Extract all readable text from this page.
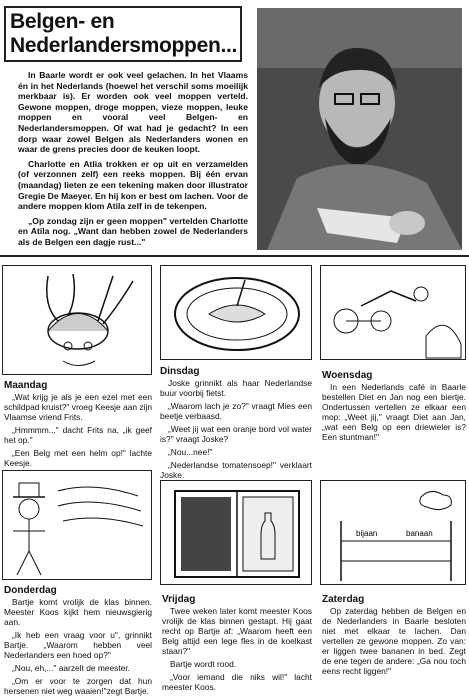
Belgen- en Nederlandersmoppen...

In Baarle wordt er ook veel gelachen. In het Vlaams én in het Nederlands (hoewel het verschil soms moeilijk merkbaar is). Er worden ook veel moppen verteld. Gewone moppen, droge moppen, vieze moppen, leuke moppen en vooral veel Belgen- en Nederlandersmoppen. Of wat had je gedacht? In een dorp waar zowel Belgen als Nederlanders wonen en waar de grens precies door de keuken loopt.

Charlotte en Atlia trokken er op uit en verzamelden (of verzonnen zelf) een reeks moppen. Bij één ervan (maandag) lieten ze een tekening maken door illustrator Gregie De Maeyer. En hij kon er best om lachen. Voor de andere moppen klom Atila zelf in de tekenpen.

„Op zondag zijn er geen moppen" vertelden Charlotte en Atila nog. „Want dan hebben zowel de Nederlanders als de Belgen een dagje rust..."

Maandag

„Wat krijg je als je een ezel met een schildpad kruist?" vroeg Keesje aan zijn Vlaamse vriend Frits.

„Hmmmm..." dacht Frits na, „ik geef het op."

„Een Belg met een helm op!" lachte Keesje.

Dinsdag

Joske grinnikt als haar Nederlandse buur voorbij fietst.

„Waarom lach je zo?" vraagt Mies een beetje verbaasd.

„Weet jij wat een oranje bord vol water is?" vraagt Joske?

„Nou...nee!"

„Nederlandse tomatensoep!" verklaart Joske.

Woensdag

In een Nederlands café in Baarle bestellen Diet en Jan nog een biertje. Ondertussen vertellen ze elkaar een mop: „Weet jij," vraagt Diet aan Jan, „wat een Belg op een driewieler is? Een stuntman!"

bijaan	banaan
Donderdag

Bartje komt vrolijk de klas binnen. Meester Koos kijkt hem nieuwsgierig aan.

„Ik heb een vraag voor u", grinnikt Bartje. „Waarom hebben veel Nederlanders een hoed op?"

„Nou, eh,..." aarzelt de meester.

„Om er voor te zorgen dat hun hersenen niet weg waaien!"zegt Bartje.

Vrijdag

Twee weken later komt meester Koos vrolijk de klas binnen gestapt. Hij gaat recht op Bartje af: „Waarom heeft een Belg altijd een lege fles in de koelkast staan?"

Bartje wordt rood.

„Voor iemand die niks wil!" lacht meester Koos.

Zaterdag

Op zaterdag hebben de Belgen en de Nederlanders in Baarle besloten niet met elkaar te lachen. Dan vertellen ze gewone moppen. Zo van: er liggen twee bananen in bed. Zegt de ene tegen de andere: „Ga nou toch eens recht liggen!"
